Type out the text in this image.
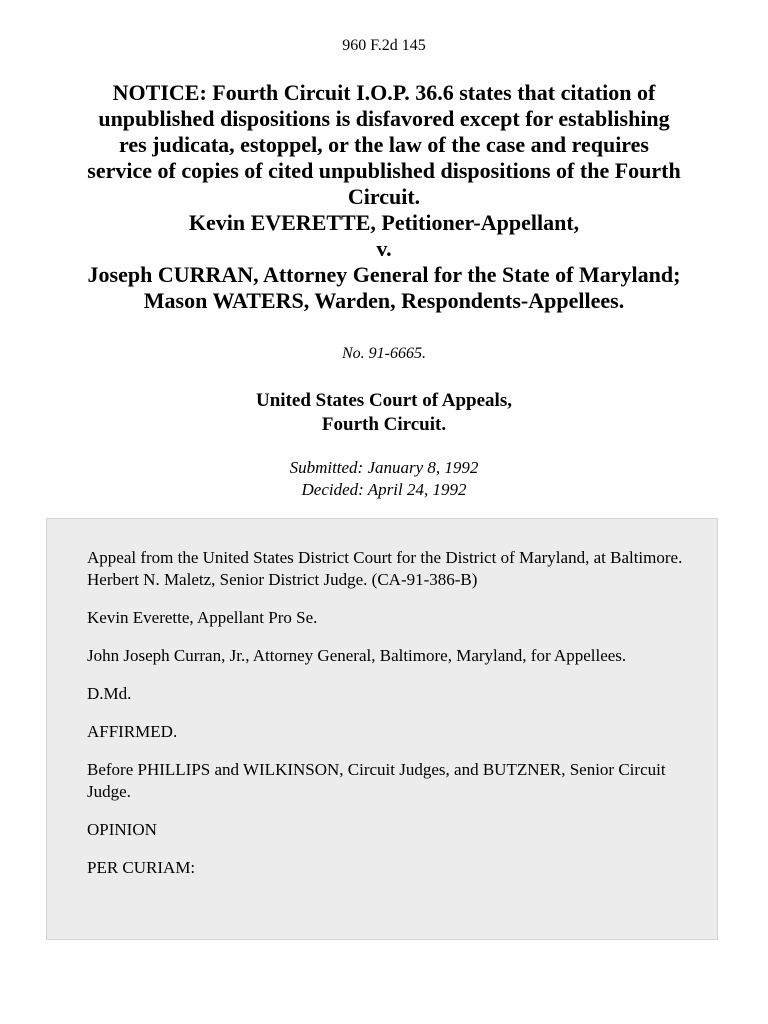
960 F.2d 145
NOTICE: Fourth Circuit I.O.P. 36.6 states that citation of
unpublished dispositions is disfavored except for establishing
res judicata, estoppel, or the law of the case and requires
service of copies of cited unpublished dispositions of the Fourth
Circuit.
Kevin EVERETTE, Petitioner-Appellant,
v.
Joseph CURRAN, Attorney General for the State of Maryland;
Mason WATERS, Warden, Respondents-Appellees.
No. 91-6665.
United States Court of Appeals,
Fourth Circuit.
Submitted: January 8, 1992
Decided: April 24, 1992

Appeal from the United States District Court for the District of Maryland, at Baltimore. Herbert N. Maletz, Senior District Judge. (CA-91-386-B)

Kevin Everette, Appellant Pro Se.

John Joseph Curran, Jr., Attorney General, Baltimore, Maryland, for Appellees.

D.Md.

AFFIRMED.

Before PHILLIPS and WILKINSON, Circuit Judges, and BUTZNER, Senior Circuit Judge.

OPINION

PER CURIAM:
